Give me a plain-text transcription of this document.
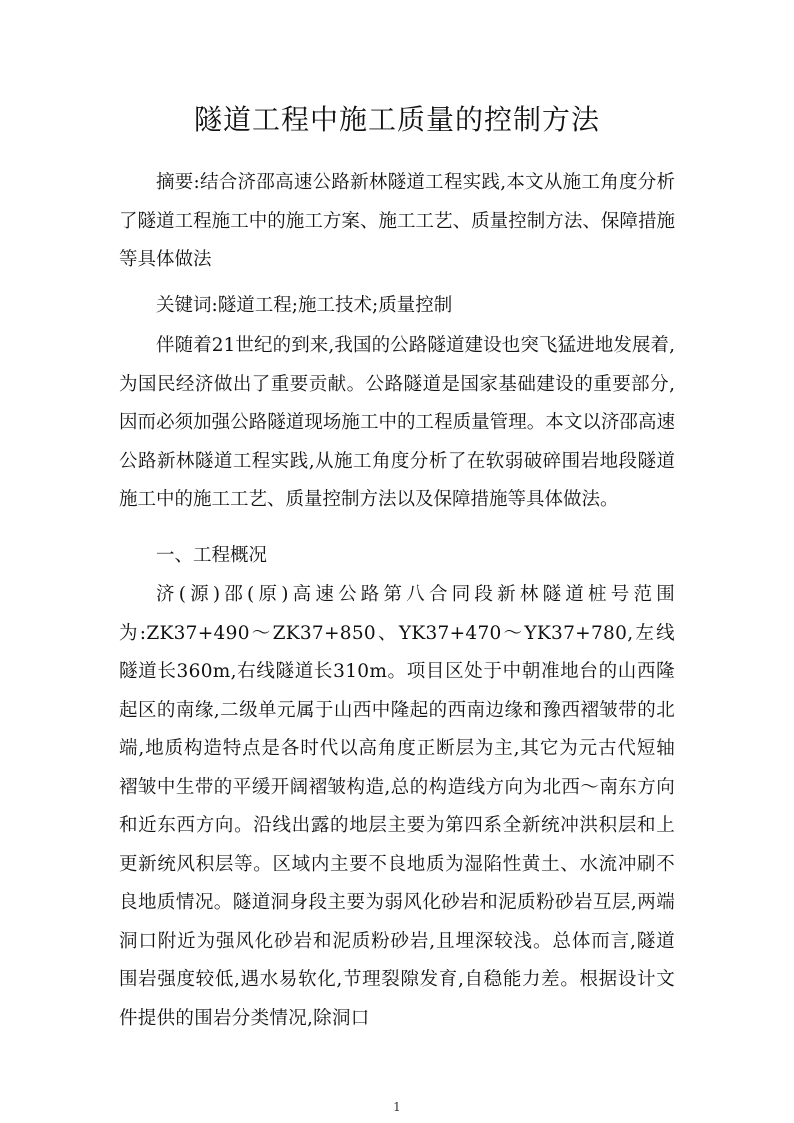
隧道工程中施工质量的控制方法

摘要:结合济邵高速公路新林隧道工程实践,本文从施工角度分析了隧道工程施工中的施工方案、施工工艺、质量控制方法、保障措施等具体做法

关键词:隧道工程;施工技术;质量控制

伴随着21世纪的到来,我国的公路隧道建设也突飞猛进地发展着,为国民经济做出了重要贡献。公路隧道是国家基础建设的重要部分,因而必须加强公路隧道现场施工中的工程质量管理。本文以济邵高速公路新林隧道工程实践,从施工角度分析了在软弱破碎围岩地段隧道施工中的施工工艺、质量控制方法以及保障措施等具体做法。

一、工程概况

济(源)邵(原)高速公路第八合同段新林隧道桩号范围为:ZK37+490～ZK37+850、YK37+470～YK37+780,左线隧道长360m,右线隧道长310m。项目区处于中朝准地台的山西隆起区的南缘,二级单元属于山西中隆起的西南边缘和豫西褶皱带的北端,地质构造特点是各时代以高角度正断层为主,其它为元古代短轴褶皱中生带的平缓开阔褶皱构造,总的构造线方向为北西～南东方向和近东西方向。沿线出露的地层主要为第四系全新统冲洪积层和上更新统风积层等。区域内主要不良地质为湿陷性黄土、水流冲刷不良地质情况。隧道洞身段主要为弱风化砂岩和泥质粉砂岩互层,两端洞口附近为强风化砂岩和泥质粉砂岩,且埋深较浅。总体而言,隧道围岩强度较低,遇水易软化,节理裂隙发育,自稳能力差。根据设计文件提供的围岩分类情况,除洞口

1
